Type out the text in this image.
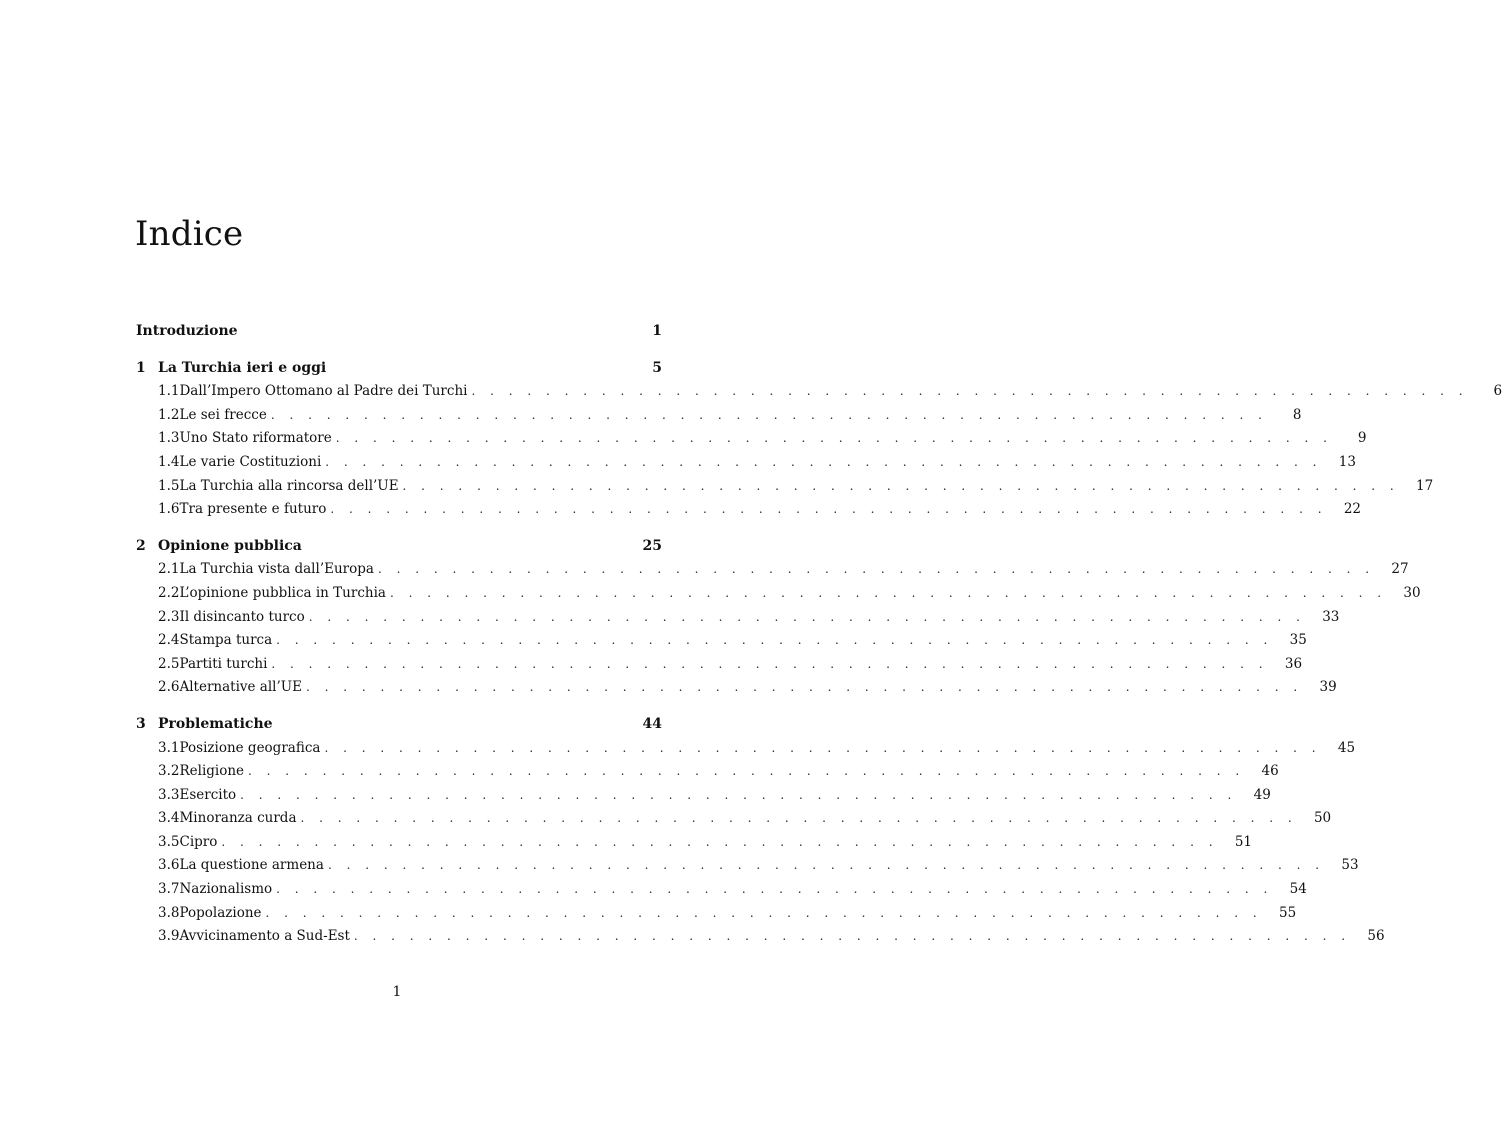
Indice
Introduzione	1
1 La Turchia ieri e oggi	5
1.1 Dall’Impero Ottomano al Padre dei Turchi . . . . . . . . . . . . . . . . . . . . . . . . . . . . . . . . . . . . . . . . . . . . . . . . . . . . . .	6
1.2 Le sei frecce . . . . . . . . . . . . . . . . . . . . . . . . . . . . . . . . . . . . . . . . . . . . . . . . . . . . . .	8
1.3 Uno Stato riformatore . . . . . . . . . . . . . . . . . . . . . . . . . . . . . . . . . . . . . . . . . . . . . . . . . . . . . .	9
1.4 Le varie Costituzioni . . . . . . . . . . . . . . . . . . . . . . . . . . . . . . . . . . . . . . . . . . . . . . . . . . . . . .	13
1.5 La Turchia alla rincorsa dell’UE . . . . . . . . . . . . . . . . . . . . . . . . . . . . . . . . . . . . . . . . . . . . . . . . . . . . . .	17
1.6 Tra presente e futuro . . . . . . . . . . . . . . . . . . . . . . . . . . . . . . . . . . . . . . . . . . . . . . . . . . . . . .	22
2 Opinione pubblica	25
2.1 La Turchia vista dall’Europa . . . . . . . . . . . . . . . . . . . . . . . . . . . . . . . . . . . . . . . . . . . . . . . . . . . . . .	27
2.2 L’opinione pubblica in Turchia . . . . . . . . . . . . . . . . . . . . . . . . . . . . . . . . . . . . . . . . . . . . . . . . . . . . . .	30
2.3 Il disincanto turco . . . . . . . . . . . . . . . . . . . . . . . . . . . . . . . . . . . . . . . . . . . . . . . . . . . . . .	33
2.4 Stampa turca . . . . . . . . . . . . . . . . . . . . . . . . . . . . . . . . . . . . . . . . . . . . . . . . . . . . . .	35
2.5 Partiti turchi . . . . . . . . . . . . . . . . . . . . . . . . . . . . . . . . . . . . . . . . . . . . . . . . . . . . . .	36
2.6 Alternative all’UE . . . . . . . . . . . . . . . . . . . . . . . . . . . . . . . . . . . . . . . . . . . . . . . . . . . . . .	39
3 Problematiche	44
3.1 Posizione geografica . . . . . . . . . . . . . . . . . . . . . . . . . . . . . . . . . . . . . . . . . . . . . . . . . . . . . .	45
3.2 Religione . . . . . . . . . . . . . . . . . . . . . . . . . . . . . . . . . . . . . . . . . . . . . . . . . . . . . .	46
3.3 Esercito . . . . . . . . . . . . . . . . . . . . . . . . . . . . . . . . . . . . . . . . . . . . . . . . . . . . . .	49
3.4 Minoranza curda . . . . . . . . . . . . . . . . . . . . . . . . . . . . . . . . . . . . . . . . . . . . . . . . . . . . . .	50
3.5 Cipro . . . . . . . . . . . . . . . . . . . . . . . . . . . . . . . . . . . . . . . . . . . . . . . . . . . . . .	51
3.6 La questione armena . . . . . . . . . . . . . . . . . . . . . . . . . . . . . . . . . . . . . . . . . . . . . . . . . . . . . .	53
3.7 Nazionalismo . . . . . . . . . . . . . . . . . . . . . . . . . . . . . . . . . . . . . . . . . . . . . . . . . . . . . .	54
3.8 Popolazione . . . . . . . . . . . . . . . . . . . . . . . . . . . . . . . . . . . . . . . . . . . . . . . . . . . . . .	55
3.9 Avvicinamento a Sud-Est . . . . . . . . . . . . . . . . . . . . . . . . . . . . . . . . . . . . . . . . . . . . . . . . . . . . . .	56
1
